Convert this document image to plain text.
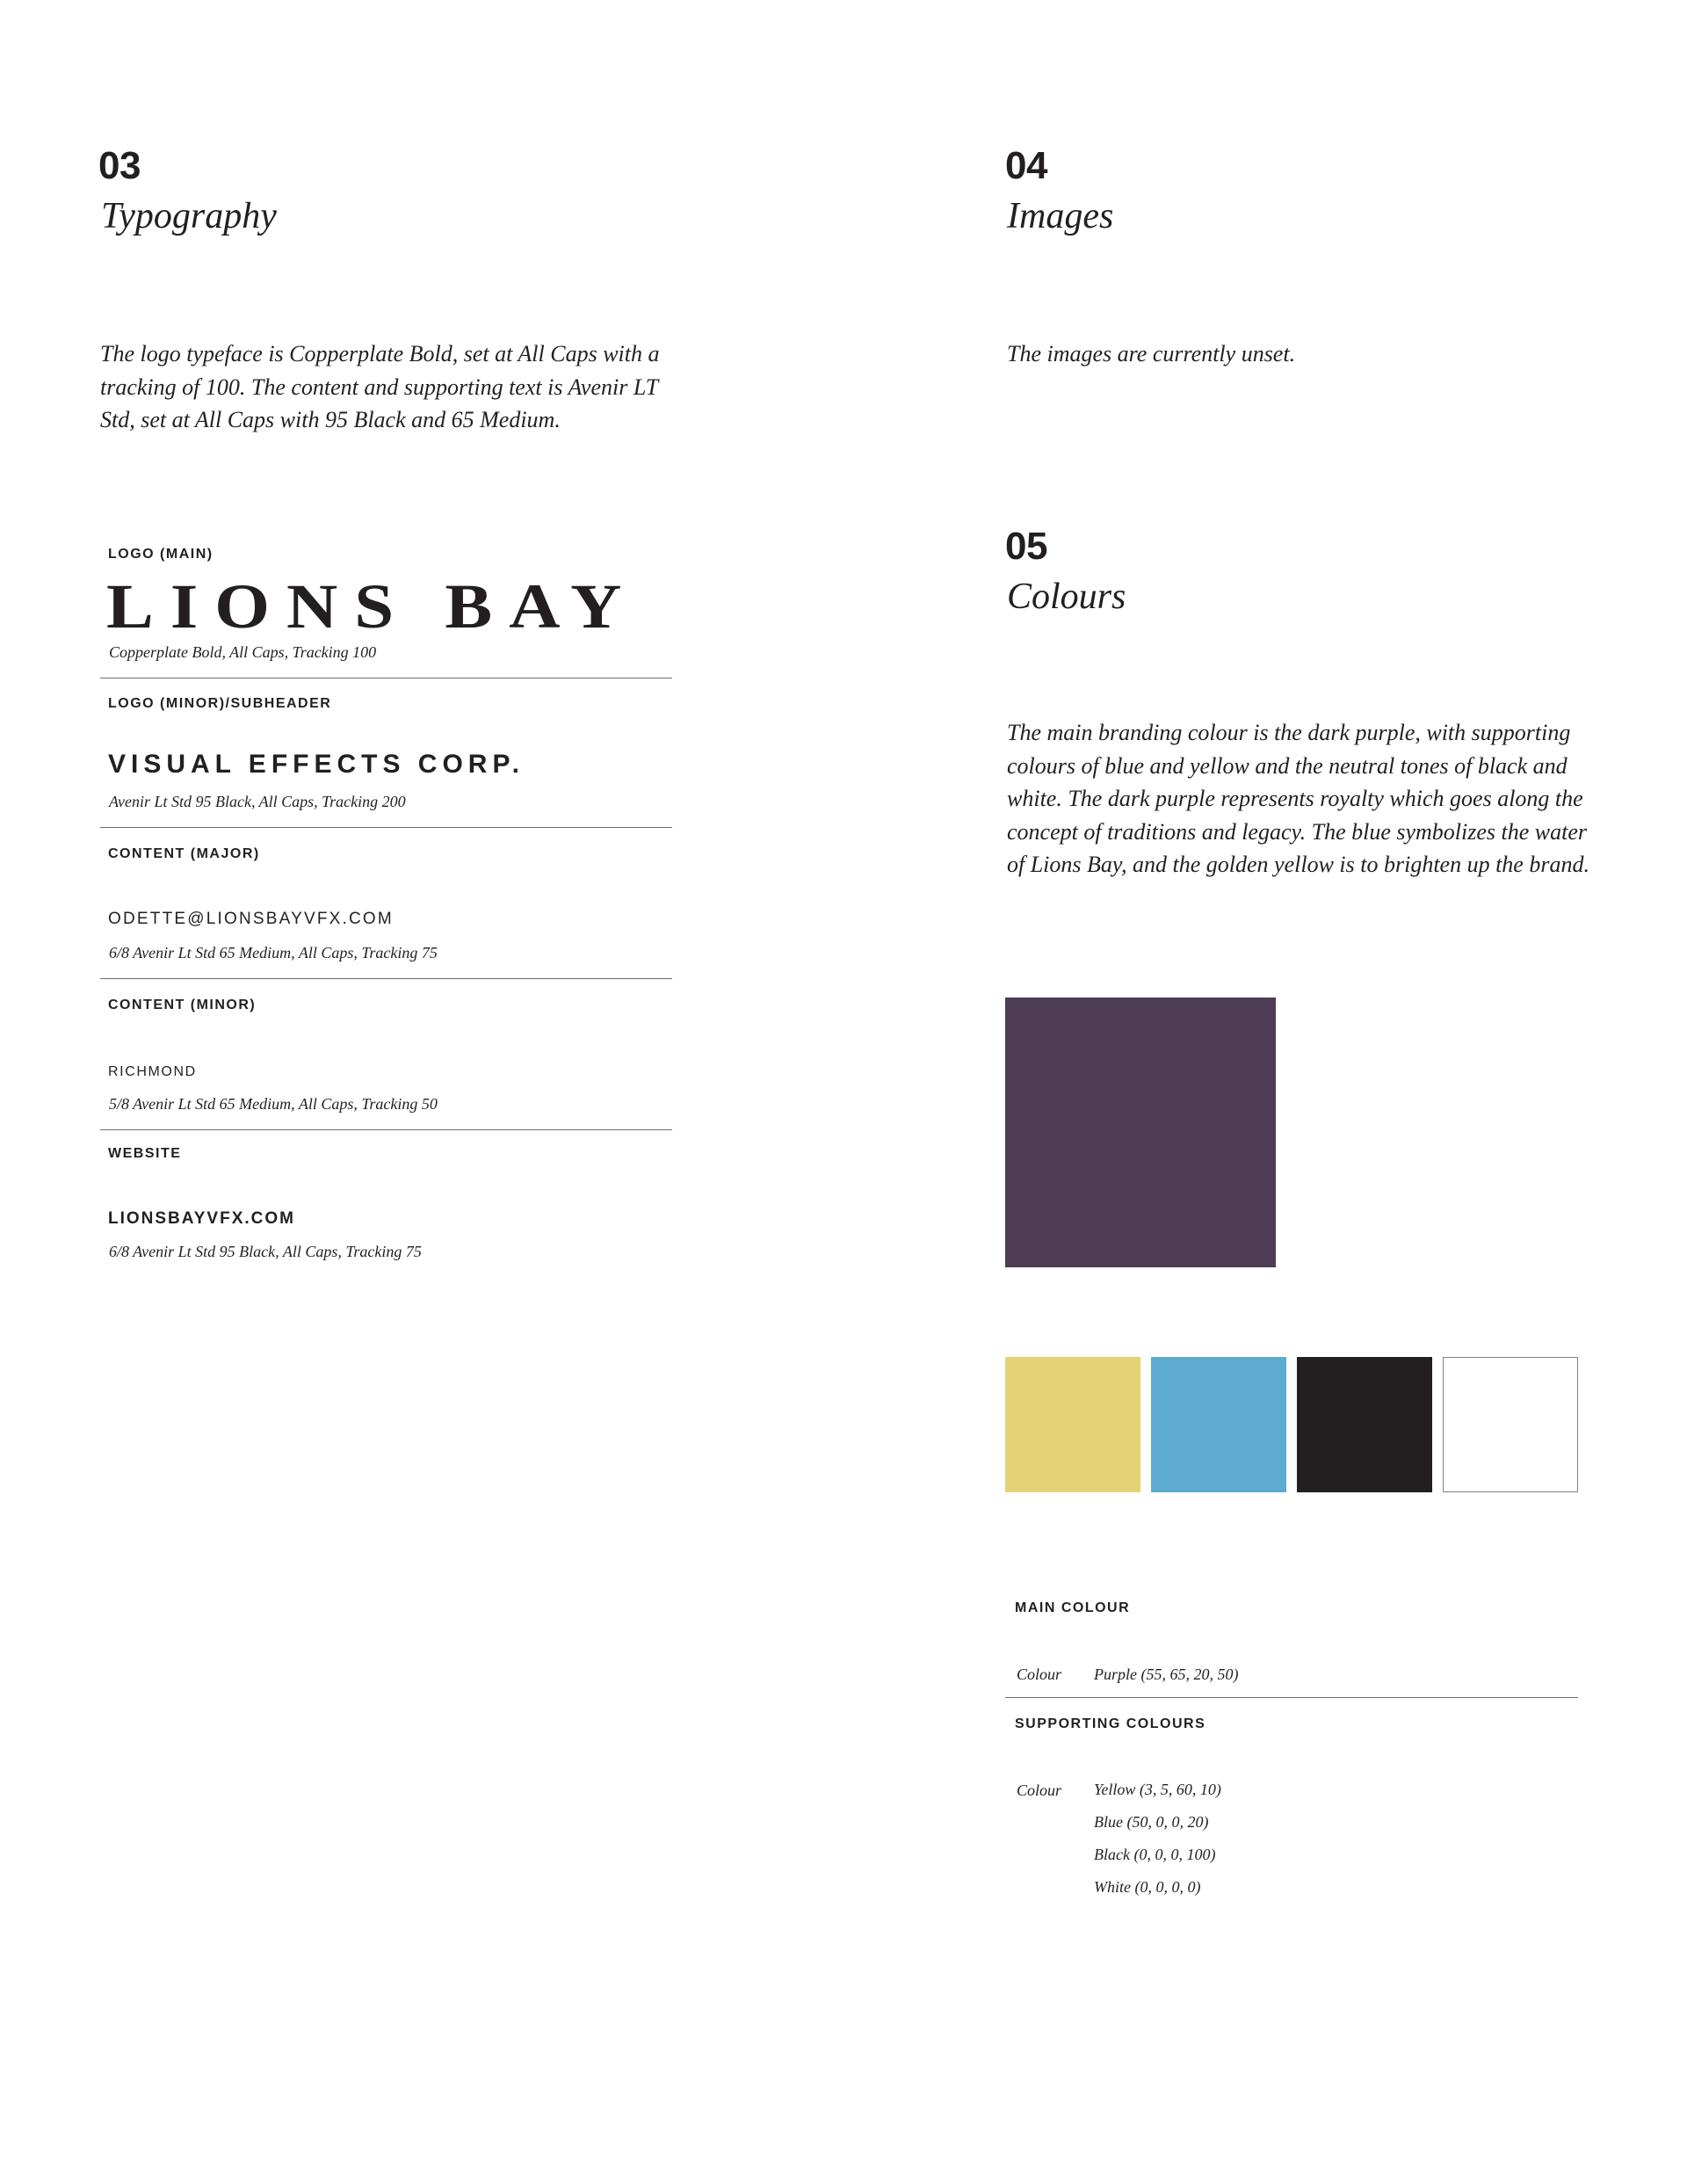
03
Typography
The logo typeface is Copperplate Bold, set at All Caps with a tracking of 100. The content and supporting text is Avenir LT Std, set at All Caps with 95 Black and 65 Medium.
LOGO (MAIN)
LIONS BAY
Copperplate Bold, All Caps, Tracking 100
LOGO (MINOR)/SUBHEADER
VISUAL EFFECTS CORP.
Avenir Lt Std 95 Black, All Caps, Tracking 200
CONTENT (MAJOR)
ODETTE@LIONSBAYVFX.COM
6/8 Avenir Lt Std 65 Medium, All Caps, Tracking 75
CONTENT (MINOR)
RICHMOND
5/8 Avenir Lt Std 65 Medium, All Caps, Tracking 50
WEBSITE
LIONSBAYVFX.COM
6/8 Avenir Lt Std 95 Black, All Caps, Tracking 75
04
Images
The images are currently unset.
05
Colours
The main branding colour is the dark purple, with supporting colours of blue and yellow and the neutral tones of black and white. The dark purple represents royalty which goes along the concept of traditions and legacy. The blue symbolizes the water of Lions Bay, and the golden yellow is to brighten up the brand.
MAIN COLOUR
Colour Purple (55, 65, 20, 50)
SUPPORTING COLOURS
Colour Yellow (3, 5, 60, 10)
Blue (50, 0, 0, 20)
Black (0, 0, 0, 100)
White (0, 0, 0, 0)
